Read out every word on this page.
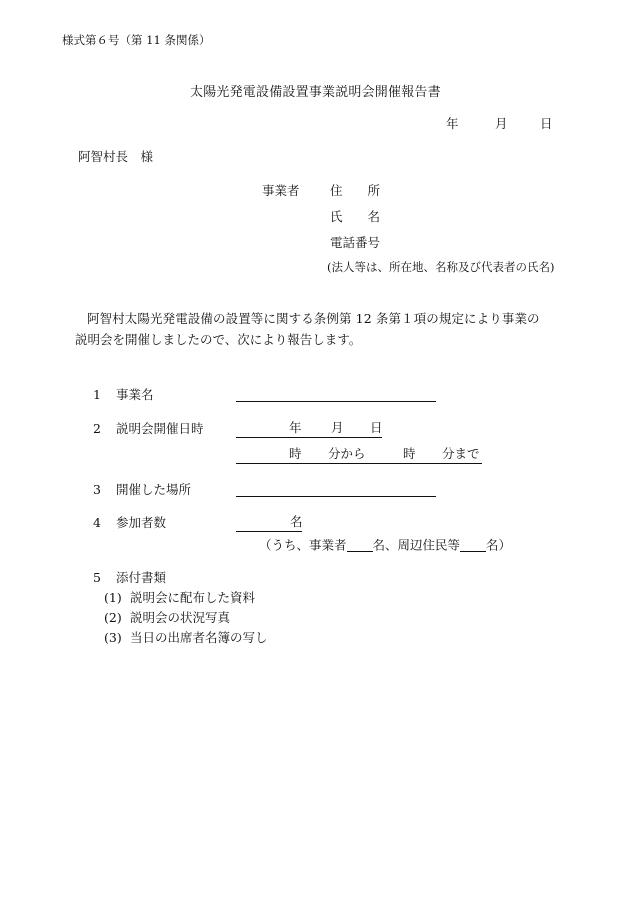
様式第６号（第 11 条関係）
太陽光発電設備設置事業説明会開催報告書
年	月	日
阿智村長　様
事業者 住　　所
氏　　名
電話番号
(法人等は、所在地、名称及び代表者の氏名)
阿智村太陽光発電設備の設置等に関する条例第 12 条第１項の規定により事業の
説明会を開催しましたので、次により報告します。
1 事業名
2 説明会開催日時	年 月 日
時 分から	時 分まで
3 開催した場所
4 参加者数	名
（うち、事業者 名、周辺住民等 名）
5 添付書類
(1) 説明会に配布した資料
(2) 説明会の状況写真
(3) 当日の出席者名簿の写し
